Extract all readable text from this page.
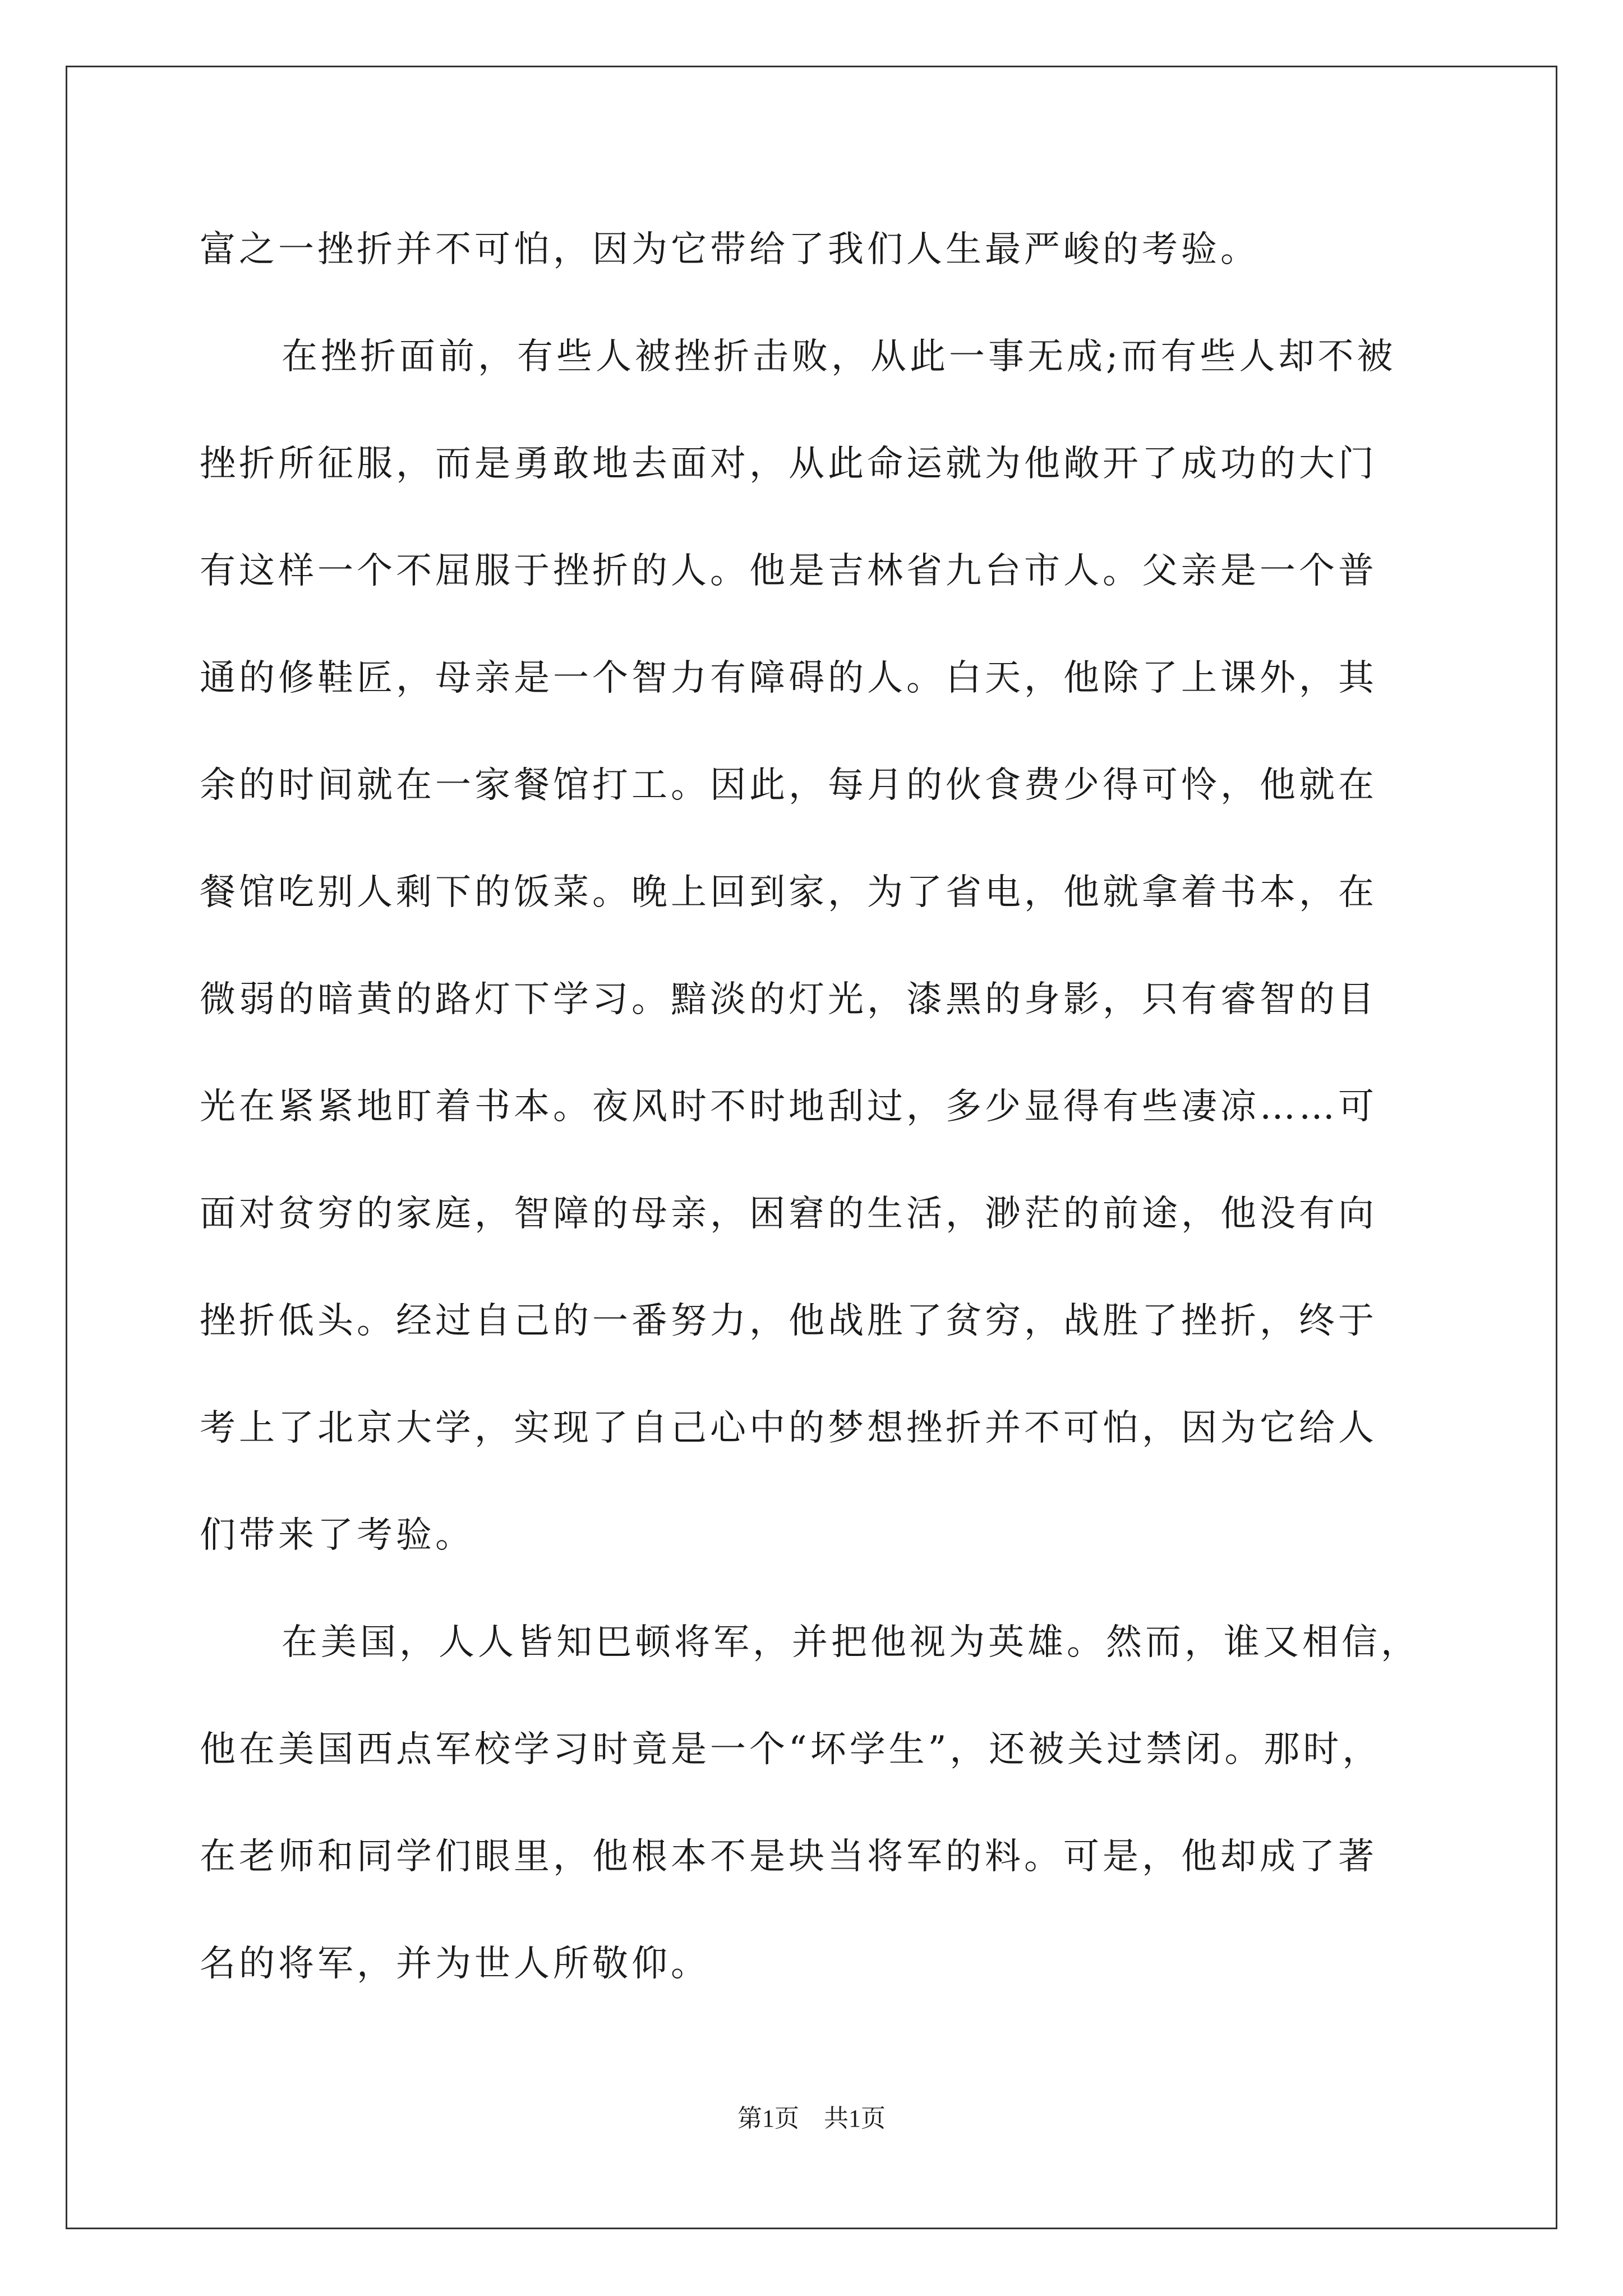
富之一挫折并不可怕，因为它带给了我们人生最严峻的考验。
在挫折面前，有些人被挫折击败，从此一事无成;而有些人却不被
挫折所征服，而是勇敢地去面对，从此命运就为他敞开了成功的大门
有这样一个不屈服于挫折的人。他是吉林省九台市人。父亲是一个普
通的修鞋匠，母亲是一个智力有障碍的人。白天，他除了上课外，其
余的时间就在一家餐馆打工。因此，每月的伙食费少得可怜，他就在
餐馆吃别人剩下的饭菜。晚上回到家，为了省电，他就拿着书本，在
微弱的暗黄的路灯下学习。黯淡的灯光，漆黑的身影，只有睿智的目
光在紧紧地盯着书本。夜风时不时地刮过，多少显得有些凄凉……可
面对贫穷的家庭，智障的母亲，困窘的生活，渺茫的前途，他没有向
挫折低头。经过自己的一番努力，他战胜了贫穷，战胜了挫折，终于
考上了北京大学，实现了自己心中的梦想挫折并不可怕，因为它给人
们带来了考验。
在美国，人人皆知巴顿将军，并把他视为英雄。然而，谁又相信，
他在美国西点军校学习时竟是一个“坏学生”，还被关过禁闭。那时，
在老师和同学们眼里，他根本不是块当将军的料。可是，他却成了著
名的将军，并为世人所敬仰。
第1页 共1页
